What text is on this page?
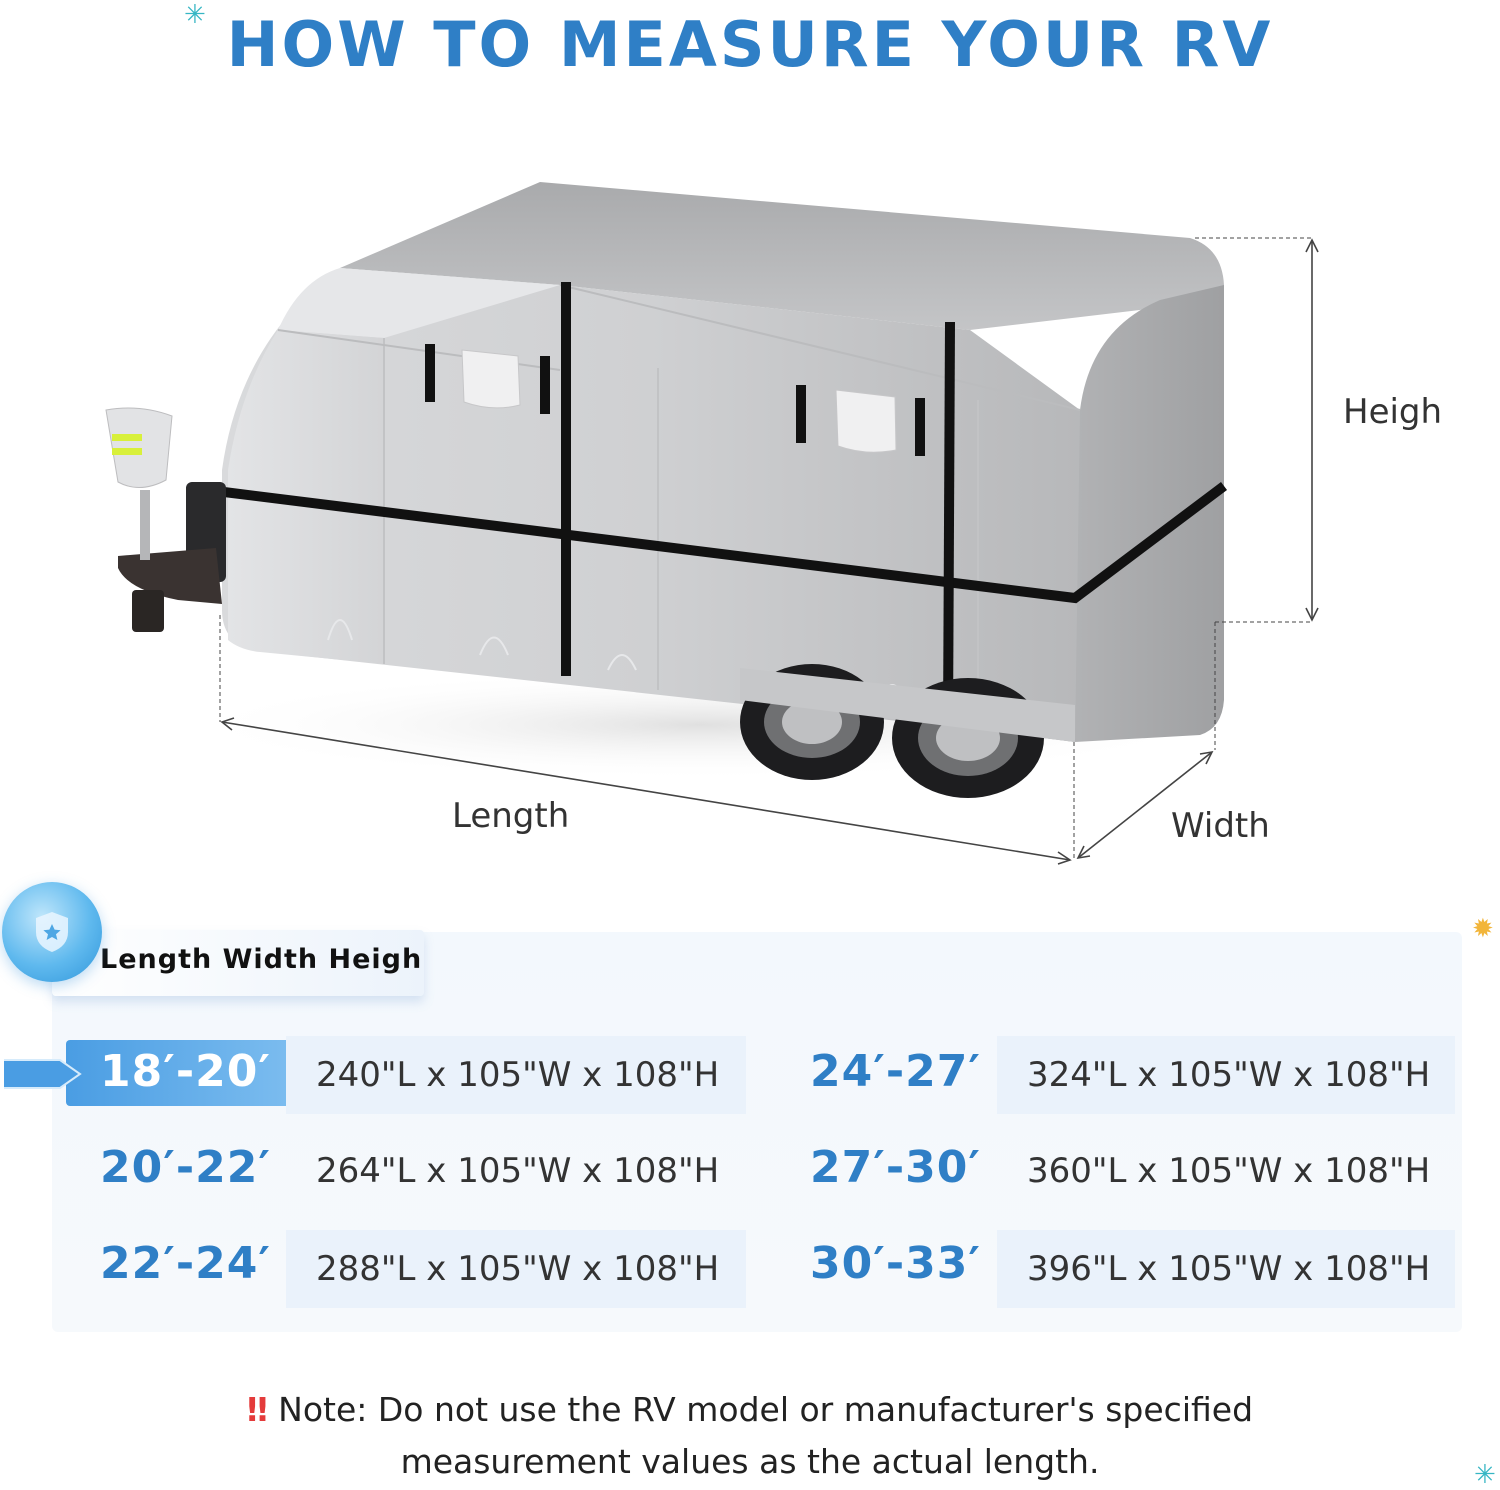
✳ HOW TO MEASURE YOUR RV
Heigh
Length	Width
✹
Length Width Heigh
18′-20′	240"L x 105"W x 108"H
20′-22′	264"L x 105"W x 108"H
22′-24′	288"L x 105"W x 108"H
24′-27′	324"L x 105"W x 108"H
27′-30′	360"L x 105"W x 108"H
30′-33′	396"L x 105"W x 108"H
‼ Note: Do not use the RV model or manufacturer's specified
measurement values as the actual length.	✳
